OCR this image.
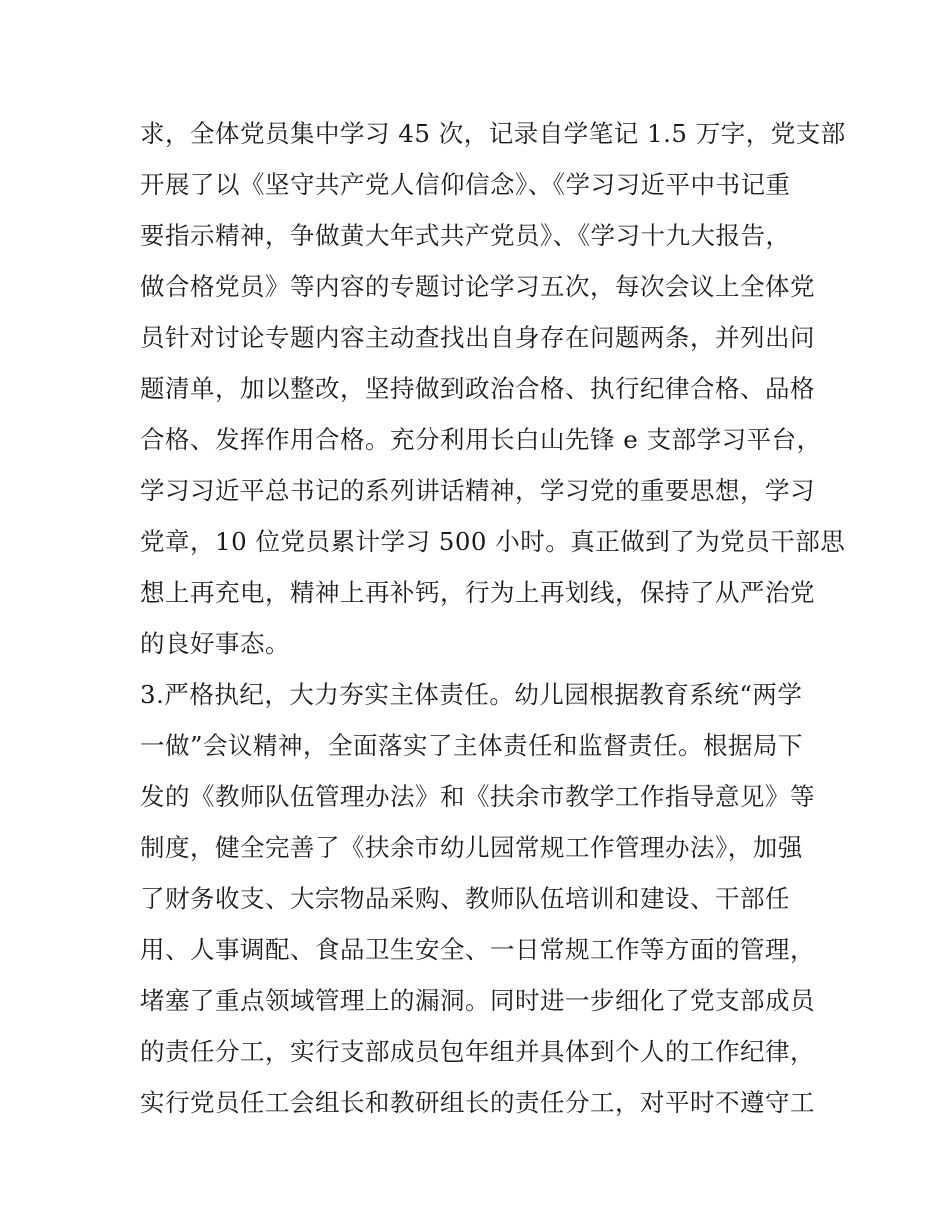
求，全体党员集中学习 45 次，记录自学笔记 1.5 万字，党支部
开展了以《坚守共产党人信仰信念》、《学习习近平中书记重
要指示精神，争做黄大年式共产党员》、《学习十九大报告，
做合格党员》等内容的专题讨论学习五次，每次会议上全体党
员针对讨论专题内容主动查找出自身存在问题两条，并列出问
题清单，加以整改，坚持做到政治合格、执行纪律合格、品格
合格、发挥作用合格。充分利用长白山先锋 e 支部学习平台，
学习习近平总书记的系列讲话精神，学习党的重要思想，学习
党章，10 位党员累计学习 500 小时。真正做到了为党员干部思
想上再充电，精神上再补钙，行为上再划线，保持了从严治党
的良好事态。
3.严格执纪，大力夯实主体责任。幼儿园根据教育系统“两学
一做”会议精神，全面落实了主体责任和监督责任。根据局下
发的《教师队伍管理办法》和《扶余市教学工作指导意见》等
制度，健全完善了《扶余市幼儿园常规工作管理办法》，加强
了财务收支、大宗物品采购、教师队伍培训和建设、干部任
用、人事调配、食品卫生安全、一日常规工作等方面的管理，
堵塞了重点领域管理上的漏洞。同时进一步细化了党支部成员
的责任分工，实行支部成员包年组并具体到个人的工作纪律，
实行党员任工会组长和教研组长的责任分工，对平时不遵守工
